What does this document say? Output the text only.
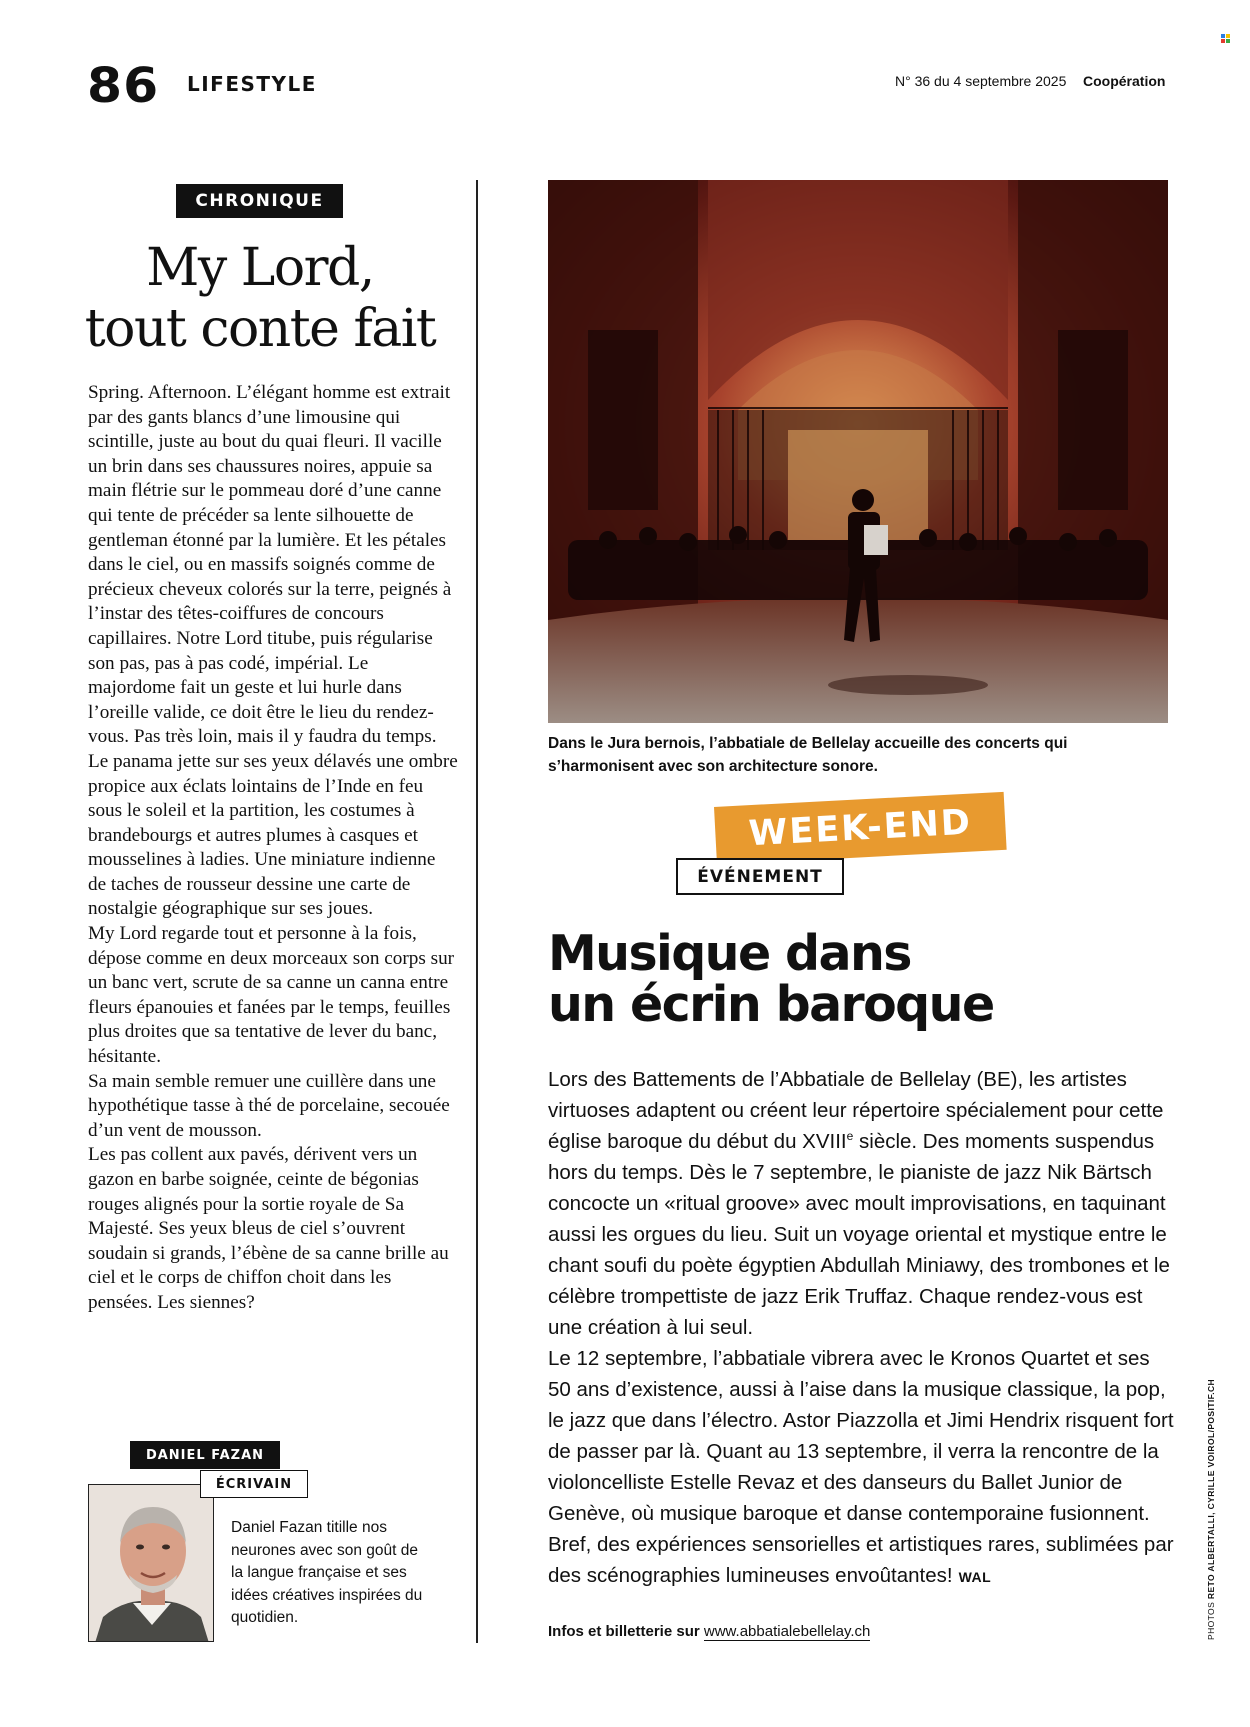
86 LIFESTYLE	N° 36 du 4 septembre 2025 Coopération
CHRONIQUE
My Lord,
tout conte fait

Spring. Afternoon. L’élégant homme est extrait par des gants blancs d’une limousine qui scintille, juste au bout du quai fleuri. Il vacille un brin dans ses chaussures noires, appuie sa main flétrie sur le pommeau doré d’une canne qui tente de précéder sa lente silhouette de gentleman étonné par la lumière. Et les pétales dans le ciel, ou en massifs soignés comme de précieux cheveux colorés sur la terre, peignés à l’instar des têtes-coiffures de concours capillaires. Notre Lord titube, puis régularise son pas, pas à pas codé, impérial. Le majordome fait un geste et lui hurle dans l’oreille valide, ce doit être le lieu du rendez-vous. Pas très loin, mais il y faudra du temps.

Le panama jette sur ses yeux délavés une ombre propice aux éclats lointains de l’Inde en feu sous le soleil et la partition, les costumes à brandebourgs et autres plumes à casques et mousselines à ladies. Une miniature indienne de taches de rousseur dessine une carte de nostalgie géographique sur ses joues.

My Lord regarde tout et personne à la fois, dépose comme en deux morceaux son corps sur un banc vert, scrute de sa canne un canna entre fleurs épanouies et fanées par le temps, feuilles plus droites que sa tentative de lever du banc, hésitante.

Sa main semble remuer une cuillère dans une hypothétique tasse à thé de porcelaine, secouée d’un vent de mousson.

Les pas collent aux pavés, dérivent vers un gazon en barbe soignée, ceinte de bégonias rouges alignés pour la sortie royale de Sa Majesté. Ses yeux bleus de ciel s’ouvrent soudain si grands, l’ébène de sa canne brille au ciel et le corps de chiffon choit dans les pensées. Les siennes?

DANIEL FAZAN
ÉCRIVAIN
Daniel Fazan titille nos neurones avec son goût de la langue française et ses idées créatives inspirées du quotidien.
Dans le Jura bernois, l’abbatiale de Bellelay accueille des concerts qui s’harmonisent avec son architecture sonore.
WEEK-END
ÉVÉNEMENT
Musique dans
un écrin baroque
Lors des Battements de l’Abbatiale de Bellelay (BE), les artistes virtuoses adaptent ou créent leur répertoire spécialement pour cette église baroque du début du XVIIIe siècle. Des moments suspendus hors du temps. Dès le 7 septembre, le pianiste de jazz Nik Bärtsch concocte un «ritual groove» avec moult improvisations, en taquinant aussi les orgues du lieu. Suit un voyage oriental et mystique entre le chant soufi du poète égyptien Abdullah Miniawy, des trombones et le célèbre trompettiste de jazz Erik Truffaz. Chaque rendez-vous est une création à lui seul.
Le 12 septembre, l’abbatiale vibrera avec le Kronos Quartet et ses 50 ans d’existence, aussi à l’aise dans la musique classique, la pop, le jazz que dans l’électro. Astor Piazzolla et Jimi Hendrix risquent fort de passer par là. Quant au 13 septembre, il verra la rencontre de la violoncelliste Estelle Revaz et des danseurs du Ballet Junior de Genève, où musique baroque et danse contemporaine fusionnent. Bref, des expériences sensorielles et artistiques rares, sublimées par des scénographies lumineuses envoûtantes! WAL
Infos et billetterie sur www.abbatialebellelay.ch	PHOTOS RETO ALBERTALLI, CYRILLE VOIROL/POSITIF.CH
